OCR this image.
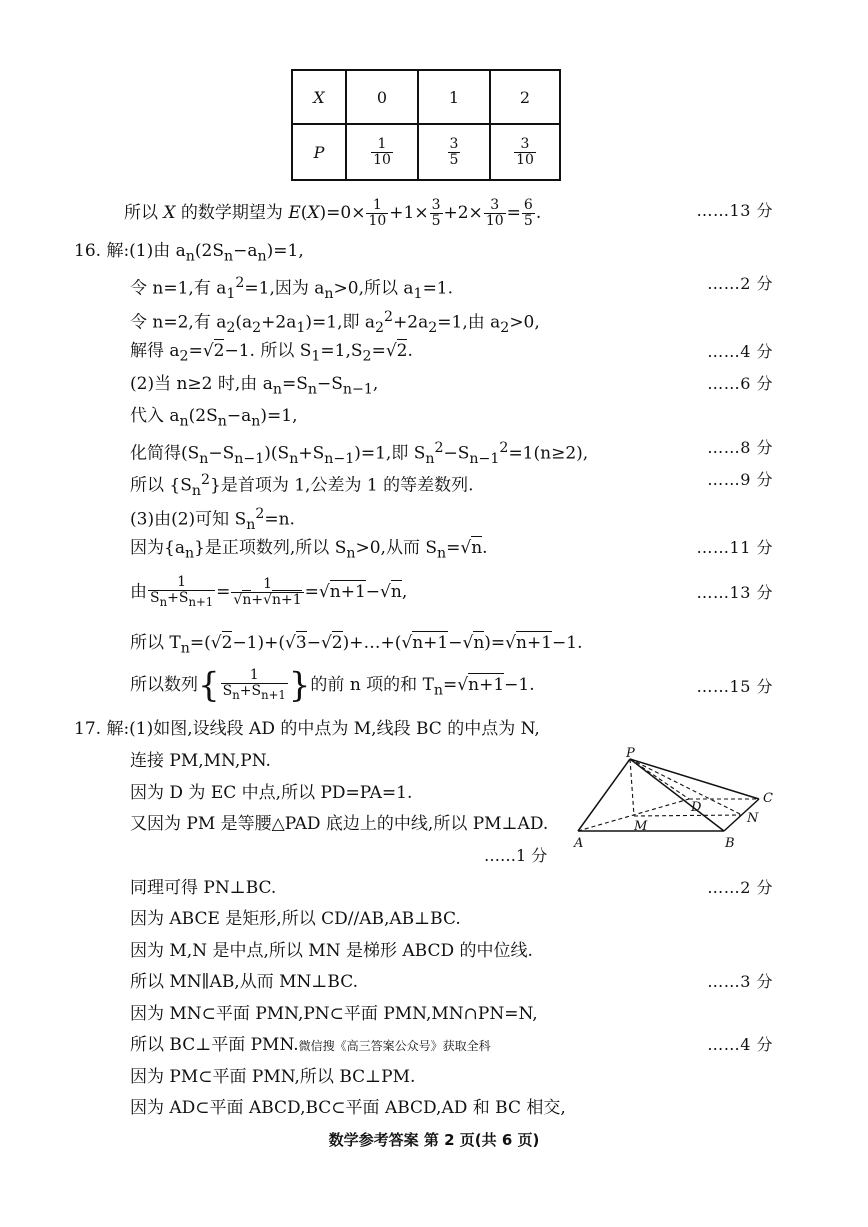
X	0	1	2
P	$\frac{1}{10}$	$\frac{3}{5}$	$\frac{3}{10}$
所以 X 的数学期望为 $E(X)=0\times \frac{1}{10} +1\times \frac{3}{5} +2\times \frac{3}{10} = \frac{6}{5}$ .	……13 分
16. 解:(1)由 $a_n(2S_n-a_n)=1$,
令 n=1,有 $a_1^2=1$,因为 $a_n>0$,所以 $a_1=1$.	……2 分
令 n=2,有 $a_2(a_2+2a_1)=1$,即 $a_2^2+2a_2=1$,由 $a_2>0$,
解得 $a_2=√2-1$. 所以 $S_1=1,S_2=√2$.	……4 分
(2)当 n≥2 时,由 $a_n=S_n-S_{n-1}$,	……6 分
代入 $a_n(2S_n-a_n)=1$,
化简得$(S_n-S_{n-1})(S_n+S_{n-1})=1$,即 $S_n^2-S_{n-1}^2=1(n\ge 2)$,	……8 分
所以 $\{S_n^2\}$是首项为 1,公差为 1 的等差数列.	……9 分
(3)由(2)可知 $S_n^2=n$.
因为$\{a_n\}$是正项数列,所以 $S_n>0$,从而 $S_n=√n$.	……11 分
由 $\frac{1}{S_n+S_{n+1}} = \frac{1}{√n+√n+1} =√n+1-√n$,	……13 分
所以 $T_n=(√2-1)+(√3-√2)+\dots+(√n+1-√n)=√n+1-1$.
所以数列{ $\frac{1}{S_n+S_{n+1}}$ }的前 n 项的和 $T_n=√n+1-1$.	……15 分
17. 解:(1)如图,设线段 AD 的中点为 M,线段 BC 的中点为 N,
连接 PM,MN,PN.
因为 D 为 EC 中点,所以 PD=PA=1.
又因为 PM 是等腰△PAD 底边上的中线,所以 PM⊥AD.
……1 分
同理可得 PN⊥BC.	……2 分
因为 ABCE 是矩形,所以 CD//AB,AB⊥BC.
因为 M,N 是中点,所以 MN 是梯形 ABCD 的中位线.
所以 MN∥AB,从而 MN⊥BC.	……3 分
因为 MN⊂平面 PMN,PN⊂平面 PMN,MN∩PN=N,
所以 BC⊥平面 PMN.微信搜《高三答案公众号》获取全科	……4 分
因为 PM⊂平面 PMN,所以 BC⊥PM.
因为 AD⊂平面 ABCD,BC⊂平面 ABCD,AD 和 BC 相交,
P
D
C
N
M
A	B
数学参考答案 第 2 页(共 6 页)
